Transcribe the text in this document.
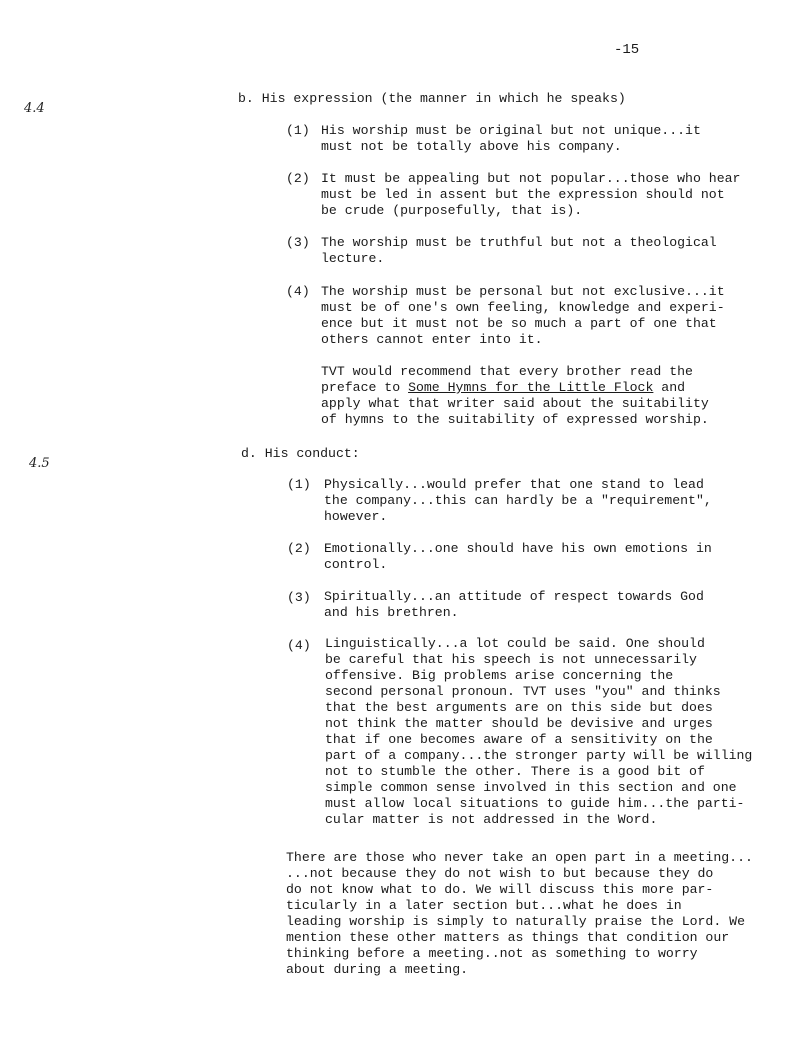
-15
4.4
b. His expression (the manner in which he speaks)
(1) His worship must be original but not unique...it
must not be totally above his company.
(2) It must be appealing but not popular...those who hear
must be led in assent but the expression should not
be crude (purposefully, that is).
(3) The worship must be truthful but not a theological
lecture.
(4) The worship must be personal but not exclusive...it
must be of one's own feeling, knowledge and experi-
ence but it must not be so much a part of one that
others cannot enter into it.
TVT would recommend that every brother read the
preface to Some Hymns for the Little Flock and
apply what that writer said about the suitability
of hymns to the suitability of expressed worship.
4.5
d. His conduct:
(1) Physically...would prefer that one stand to lead
the company...this can hardly be a "requirement",
however.
(2) Emotionally...one should have his own emotions in
control.
(3) Spiritually...an attitude of respect towards God
and his brethren.
(4) Linguistically...a lot could be said. One should
be careful that his speech is not unnecessarily
offensive. Big problems arise concerning the
second personal pronoun. TVT uses "you" and thinks
that the best arguments are on this side but does
not think the matter should be devisive and urges
that if one becomes aware of a sensitivity on the
part of a company...the stronger party will be willing
not to stumble the other. There is a good bit of
simple common sense involved in this section and one
must allow local situations to guide him...the parti-
cular matter is not addressed in the Word.
There are those who never take an open part in a meeting...
...not because they do not wish to but because they do
do not know what to do. We will discuss this more par-
ticularly in a later section but...what he does in
leading worship is simply to naturally praise the Lord. We
mention these other matters as things that condition our
thinking before a meeting..not as something to worry
about during a meeting.
